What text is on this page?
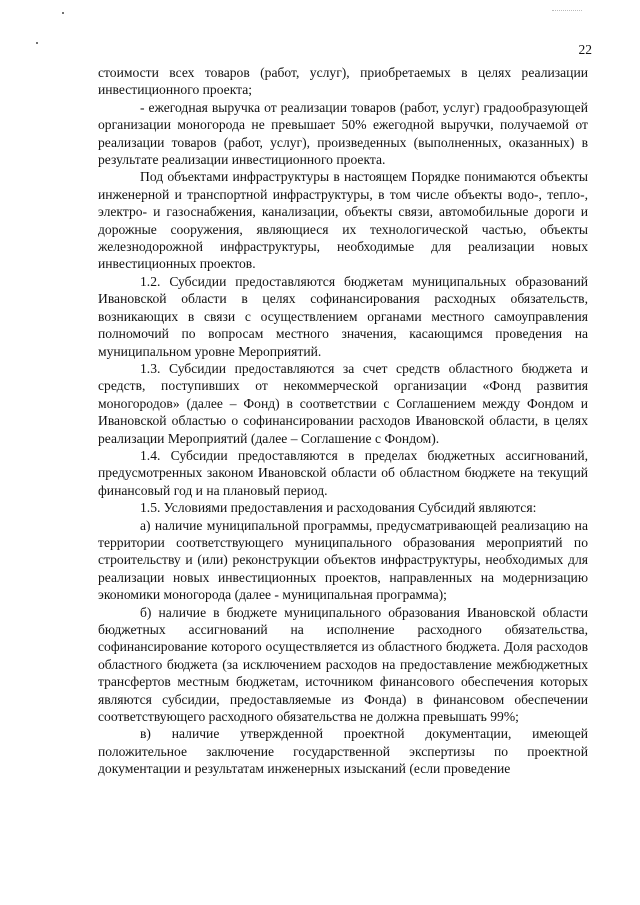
22

стоимости всех товаров (работ, услуг), приобретаемых в целях реализации инвестиционного проекта;

- ежегодная выручка от реализации товаров (работ, услуг) градообразующей организации моногорода не превышает 50% ежегодной выручки, получаемой от реализации товаров (работ, услуг), произведенных (выполненных, оказанных) в результате реализации инвестиционного проекта.

Под объектами инфраструктуры в настоящем Порядке понимаются объекты инженерной и транспортной инфраструктуры, в том числе объекты водо-, тепло-, электро- и газоснабжения, канализации, объекты связи, автомобильные дороги и дорожные сооружения, являющиеся их технологической частью, объекты железнодорожной инфраструктуры, необходимые для реализации новых инвестиционных проектов.

1.2. Субсидии предоставляются бюджетам муниципальных образований Ивановской области в целях софинансирования расходных обязательств, возникающих в связи с осуществлением органами местного самоуправления полномочий по вопросам местного значения, касающимся проведения на муниципальном уровне Мероприятий.

1.3. Субсидии предоставляются за счет средств областного бюджета и средств, поступивших от некоммерческой организации «Фонд развития моногородов» (далее – Фонд) в соответствии с Соглашением между Фондом и Ивановской областью о софинансировании расходов Ивановской области, в целях реализации Мероприятий (далее – Соглашение с Фондом).

1.4. Субсидии предоставляются в пределах бюджетных ассигнований, предусмотренных законом Ивановской области об областном бюджете на текущий финансовый год и на плановый период.

1.5. Условиями предоставления и расходования Субсидий являются:

а) наличие муниципальной программы, предусматривающей реализацию на территории соответствующего муниципального образования мероприятий по строительству и (или) реконструкции объектов инфраструктуры, необходимых для реализации новых инвестиционных проектов, направленных на модернизацию экономики моногорода (далее - муниципальная программа);

б) наличие в бюджете муниципального образования Ивановской области бюджетных ассигнований на исполнение расходного обязательства, софинансирование которого осуществляется из областного бюджета. Доля расходов областного бюджета (за исключением расходов на предоставление межбюджетных трансфертов местным бюджетам, источником финансового обеспечения которых являются субсидии, предоставляемые из Фонда) в финансовом обеспечении соответствующего расходного обязательства не должна превышать 99%;

в) наличие утвержденной проектной документации, имеющей положительное заключение государственной экспертизы по проектной документации и результатам инженерных изысканий (если проведение
